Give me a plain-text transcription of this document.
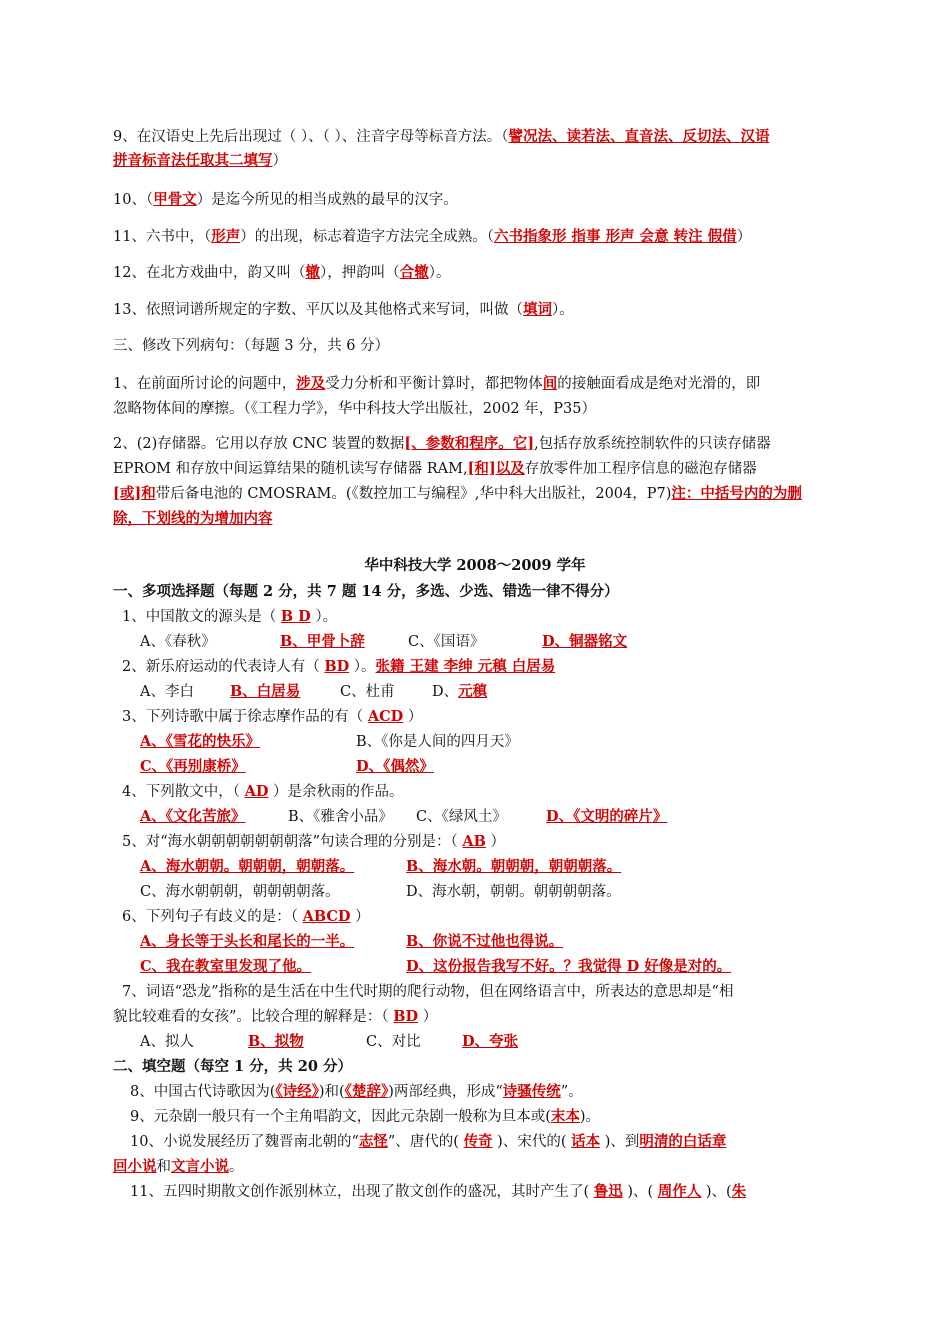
9、在汉语史上先后出现过（ ）、（ ）、注音字母等标音方法。（譬况法、读若法、直音法、反切法、汉语
拼音标音法任取其二填写）
10、（甲骨文）是迄今所见的相当成熟的最早的汉字。
11、六书中，（形声）的出现，标志着造字方法完全成熟。（六书指象形 指事 形声 会意 转注 假借）
12、在北方戏曲中，韵又叫（辙），押韵叫（合辙）。
13、依照词谱所规定的字数、平仄以及其他格式来写词，叫做（填词）。
三、修改下列病句：（每题 3 分，共 6 分）
1、在前面所讨论的问题中，涉及受力分析和平衡计算时，都把物体间的接触面看成是绝对光滑的，即
忽略物体间的摩擦。（《工程力学》，华中科技大学出版社，2002 年，P35）
2、(2)存储器。它用以存放 CNC 装置的数据[、参数和程序。它],包括存放系统控制软件的只读存储器
EPROM 和存放中间运算结果的随机读写存储器 RAM,[和]以及存放零件加工程序信息的磁泡存储器
[或]和带后备电池的 CMOSRAM。(《数控加工与编程》,华中科大出版社，2004，P7)注：中括号内的为删
除，下划线的为增加内容
华中科技大学 2008～2009 学年
一、多项选择题（每题 2 分，共 7 题 14 分，多选、少选、错选一律不得分）
1、中国散文的源头是（ B D ）。
A、《春秋》	B、甲骨卜辞	C、《国语》	D、铜器铭文
2、新乐府运动的代表诗人有（ BD ）。张籍 王建 李绅 元稹 白居易
A、李白 B、白居易	C、杜甫	D、元稹
3、下列诗歌中属于徐志摩作品的有（ ACD ）
A、《雪花的快乐》	B、《你是人间的四月天》
C、《再别康桥》	D、《偶然》
4、下列散文中，（ AD ）是余秋雨的作品。
A、《文化苦旅》	B、《雅舍小品》 C、《绿风土》	D、《文明的碎片》
5、对“海水朝朝朝朝朝朝朝落”句读合理的分别是：（ AB ）
A、海水朝朝。朝朝朝，朝朝落。	B、海水朝。朝朝朝，朝朝朝落。
C、海水朝朝朝，朝朝朝朝落。	D、海水朝，朝朝。朝朝朝朝落。
6、下列句子有歧义的是：（ ABCD ）
A、身长等于头长和尾长的一半。	B、你说不过他也得说。
C、我在教室里发现了他。	D、这份报告我写不好。？我觉得 D 好像是对的。
7、词语“恐龙”指称的是生活在中生代时期的爬行动物，但在网络语言中，所表达的意思却是“相
貌比较难看的女孩”。比较合理的解释是：（ BD ）
A、拟人	B、拟物	C、对比	D、夸张
二、填空题（每空 1 分，共 20 分）
8、中国古代诗歌因为(《诗经》)和(《楚辞》)两部经典，形成“诗骚传统”。
9、元杂剧一般只有一个主角唱韵文，因此元杂剧一般称为旦本或(末本)。
10、小说发展经历了魏晋南北朝的“志怪”、唐代的( 传奇 )、宋代的( 话本 )、到明清的白话章
回小说和文言小说。
11、五四时期散文创作派别林立，出现了散文创作的盛况，其时产生了( 鲁迅 )、( 周作人 )、(朱
